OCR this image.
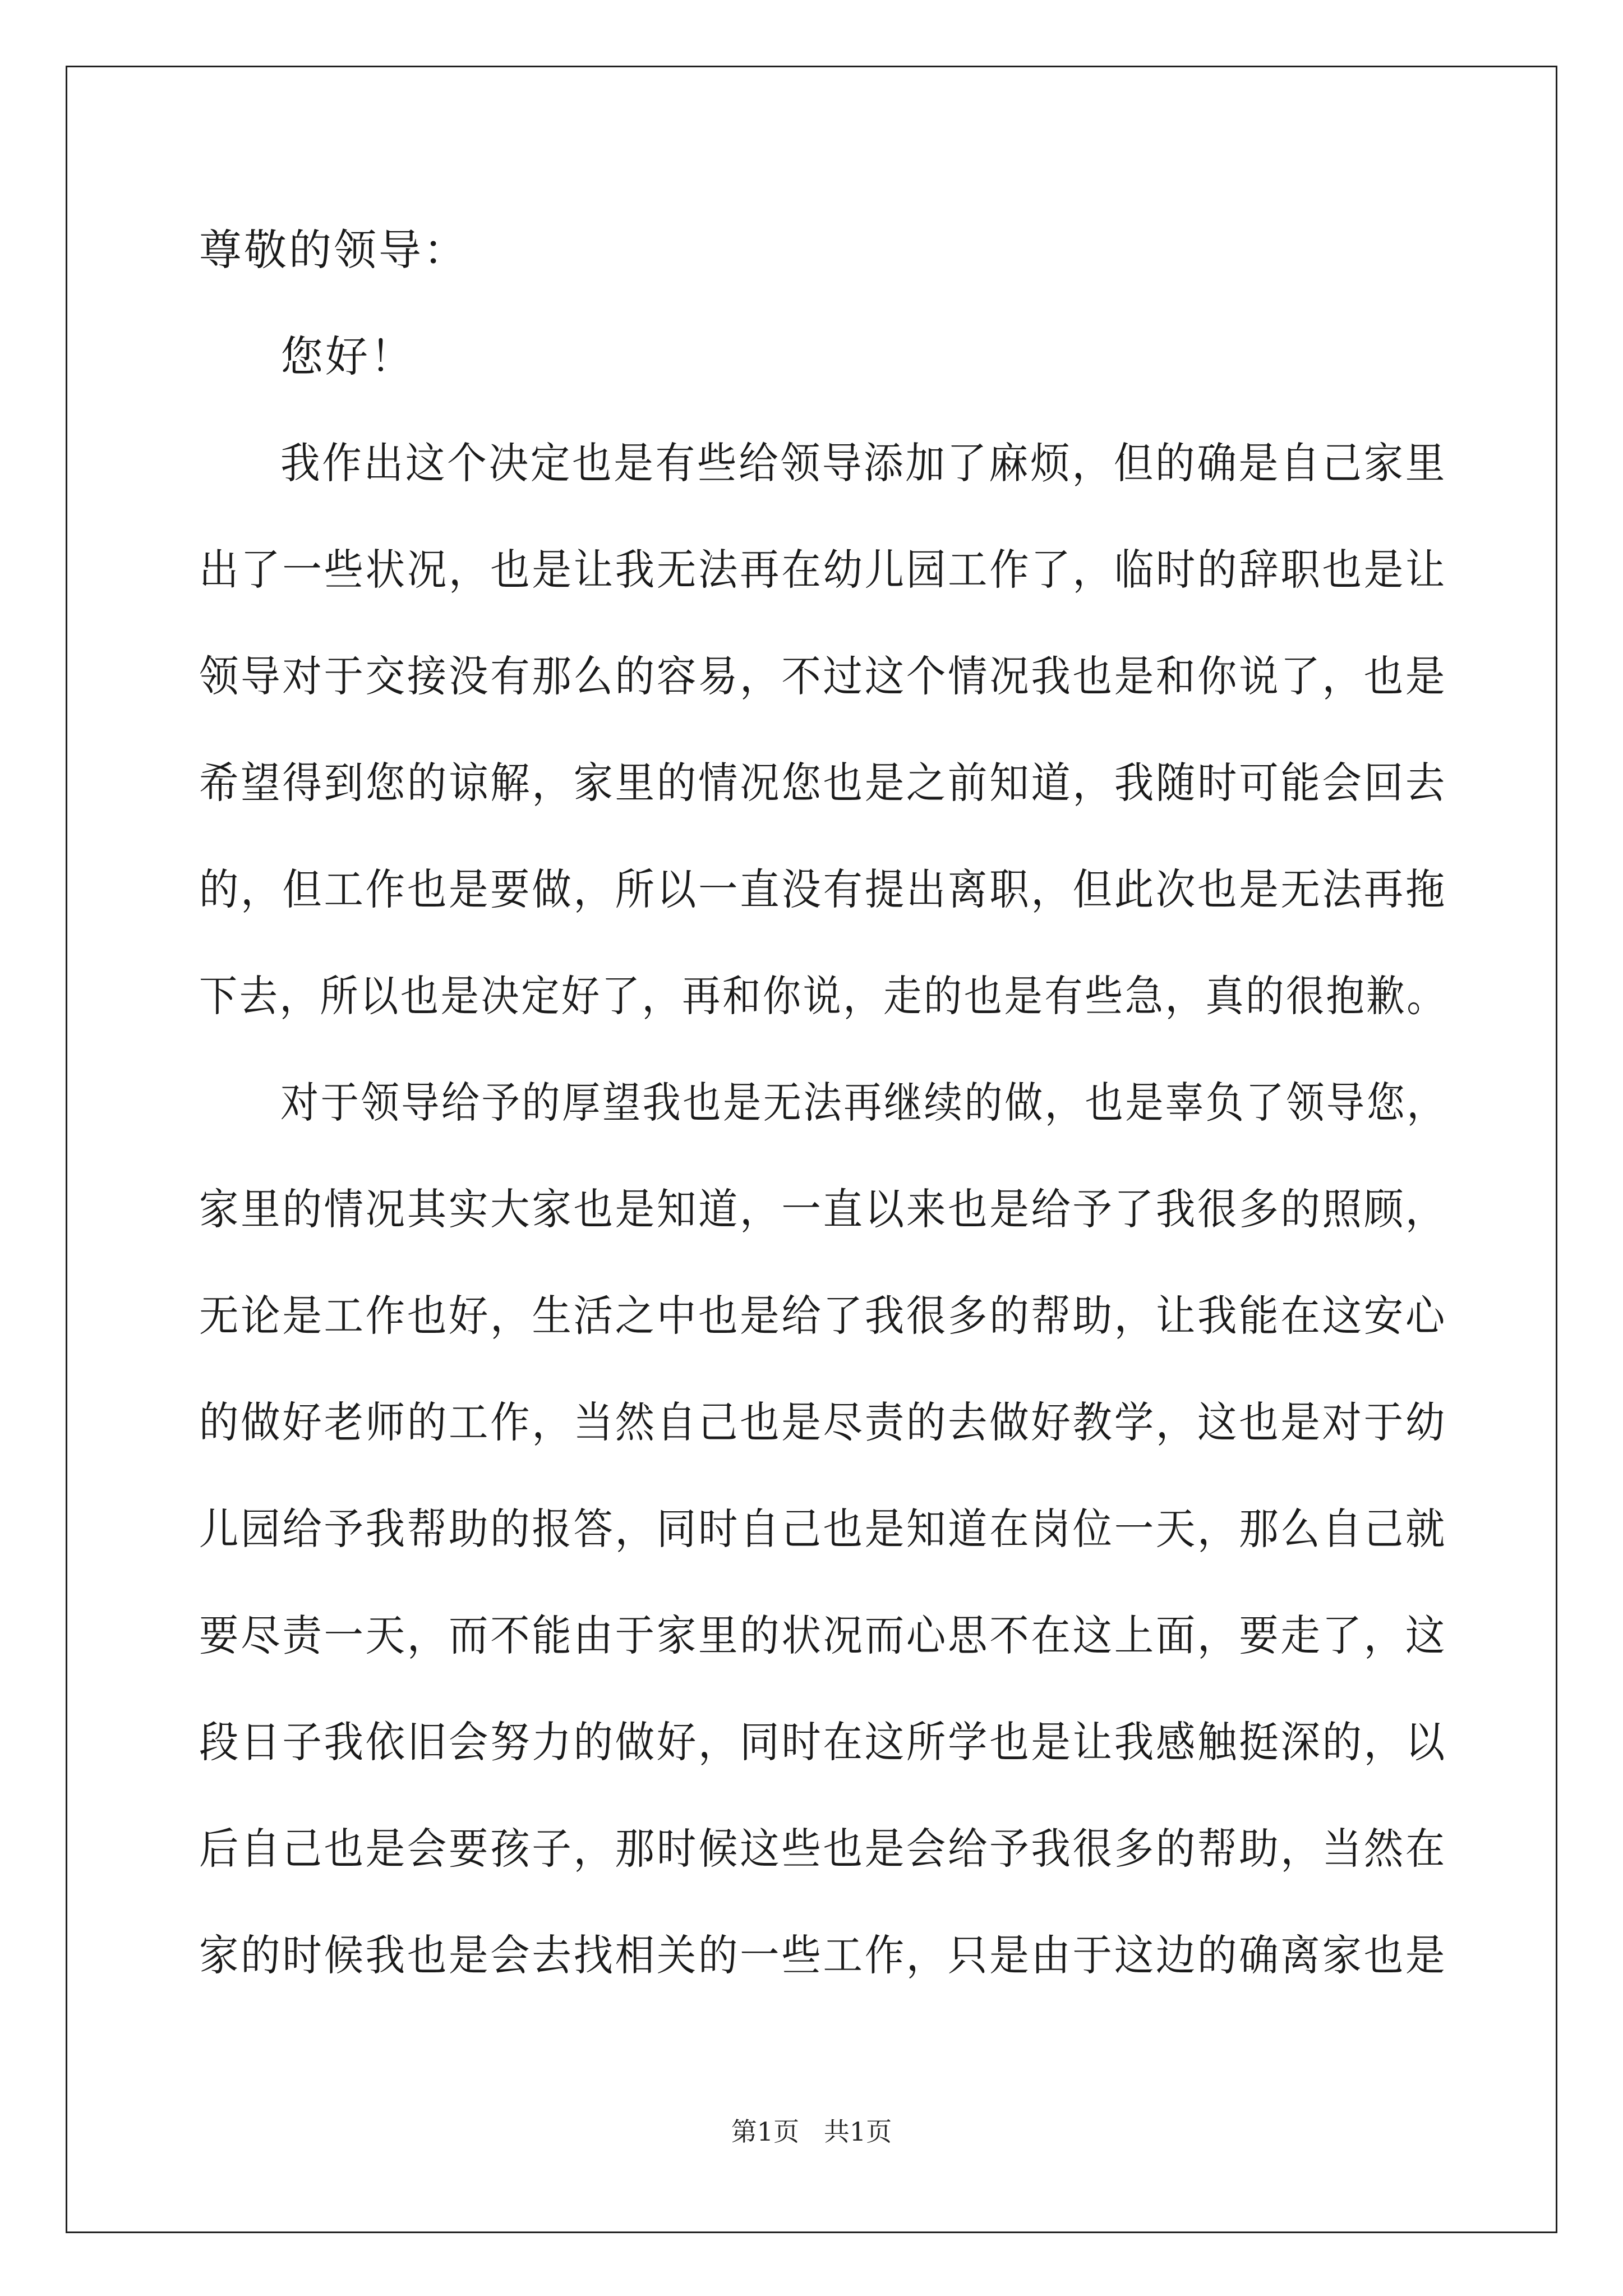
尊敬的领导：
您好！
我作出这个决定也是有些给领导添加了麻烦，但的确是自己家里
出了一些状况，也是让我无法再在幼儿园工作了，临时的辞职也是让
领导对于交接没有那么的容易，不过这个情况我也是和你说了，也是
希望得到您的谅解，家里的情况您也是之前知道，我随时可能会回去
的，但工作也是要做，所以一直没有提出离职，但此次也是无法再拖
下去，所以也是决定好了，再和你说，走的也是有些急，真的很抱歉。
对于领导给予的厚望我也是无法再继续的做，也是辜负了领导您，
家里的情况其实大家也是知道，一直以来也是给予了我很多的照顾，
无论是工作也好，生活之中也是给了我很多的帮助，让我能在这安心
的做好老师的工作，当然自己也是尽责的去做好教学，这也是对于幼
儿园给予我帮助的报答，同时自己也是知道在岗位一天，那么自己就
要尽责一天，而不能由于家里的状况而心思不在这上面，要走了，这
段日子我依旧会努力的做好，同时在这所学也是让我感触挺深的，以
后自己也是会要孩子，那时候这些也是会给予我很多的帮助，当然在
家的时候我也是会去找相关的一些工作，只是由于这边的确离家也是
第1页   共1页
